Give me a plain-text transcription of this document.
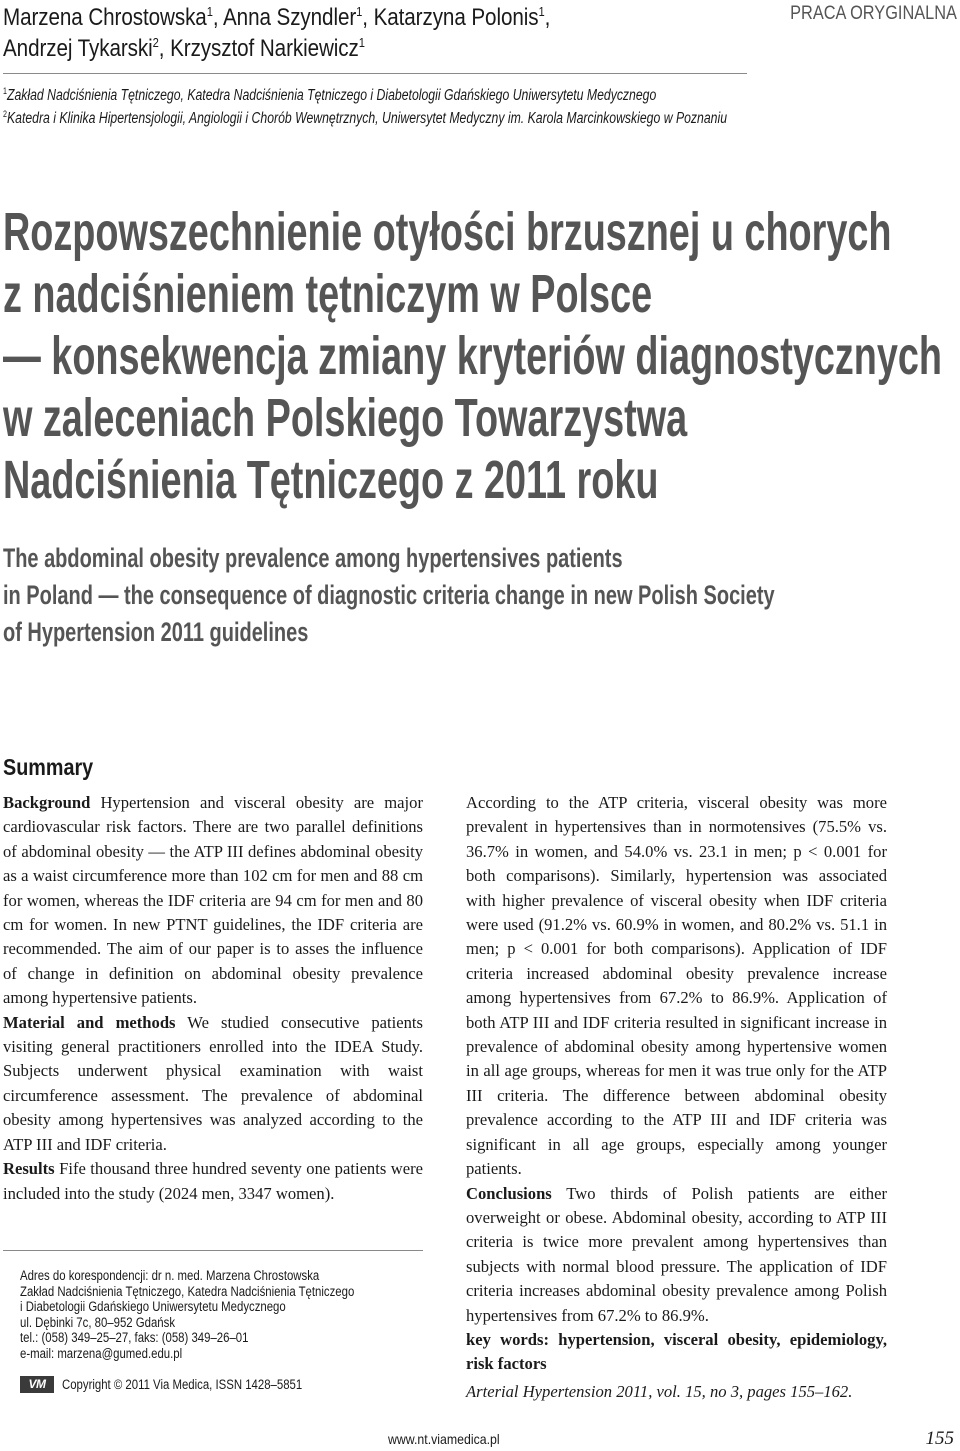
Marzena Chrostowska$^1$, Anna Szyndler$^1$, Katarzyna Polonis$^1$,
Andrzej Tykarski$^2$, Krzysztof Narkiewicz$^1$
PRACA ORYGINALNA
$^1$Zakład Nadciśnienia Tętniczego, Katedra Nadciśnienia Tętniczego i Diabetologii Gdańskiego Uniwersytetu Medycznego
$^2$Katedra i Klinika Hipertensjologii, Angiologii i Chorób Wewnętrznych, Uniwersytet Medyczny im. Karola Marcinkowskiego w Poznaniu
Rozpowszechnienie otyłości brzusznej u chorych
z nadciśnieniem tętniczym w Polsce
— konsekwencja zmiany kryteriów diagnostycznych
w zaleceniach Polskiego Towarzystwa
Nadciśnienia Tętniczego z 2011 roku
The abdominal obesity prevalence among hypertensives patients
in Poland — the consequence of diagnostic criteria change in new Polish Society
of Hypertension 2011 guidelines
Summary

Background Hypertension and visceral obesity are major cardiovascular risk factors. There are two parallel definitions of abdominal obesity — the ATP III defines abdominal obesity as a waist circumference more than 102 cm for men and 88 cm for women, whereas the IDF criteria are 94 cm for men and 80 cm for women. In new PTNT guidelines, the IDF criteria are recommended. The aim of our paper is to asses the influence of change in definition on abdominal obesity prevalence among hypertensive patients.

Material and methods We studied consecutive patients visiting general practitioners enrolled into the IDEA Study. Subjects underwent physical examination with waist circumference assessment. The prevalence of abdominal obesity among hypertensives was analyzed according to the ATP III and IDF criteria.

Results Fife thousand three hundred seventy one patients were included into the study (2024 men, 3347 women).

According to the ATP criteria, visceral obesity was more prevalent in hypertensives than in normotensives (75.5% vs. 36.7% in women, and 54.0% vs. 23.1 in men; p < 0.001 for both comparisons). Similarly, hypertension was associated with higher prevalence of visceral obesity when IDF criteria were used (91.2% vs. 60.9% in women, and 80.2% vs. 51.1 in men; p < 0.001 for both comparisons). Application of IDF criteria increased abdominal obesity prevalence increase among hypertensives from 67.2% to 86.9%. Application of both ATP III and IDF criteria resulted in significant increase in prevalence of abdominal obesity among hypertensive women in all age groups, whereas for men it was true only for the ATP III criteria. The difference between abdominal obesity prevalence according to the ATP III and IDF criteria was significant in all age groups, especially among younger patients.

Conclusions Two thirds of Polish patients are either overweight or obese. Abdominal obesity, according to ATP III criteria is twice more prevalent among hypertensives than subjects with normal blood pressure. The application of IDF criteria increases abdominal obesity prevalence among Polish hypertensives from 67.2% to 86.9%.

key words: hypertension, visceral obesity, epidemiology, risk factors

Arterial Hypertension 2011, vol. 15, no 3, pages 155–162.

Adres do korespondencji: dr n. med. Marzena Chrostowska
Zakład Nadciśnienia Tętniczego, Katedra Nadciśnienia Tętniczego
i Diabetologii Gdańskiego Uniwersytetu Medycznego
ul. Dębinki 7c, 80–952 Gdańsk
tel.: (058) 349–25–27, faks: (058) 349–26–01
e-mail: marzena@gumed.edu.pl
VM	Copyright © 2011 Via Medica, ISSN 1428–5851
www.nt.viamedica.pl	155
